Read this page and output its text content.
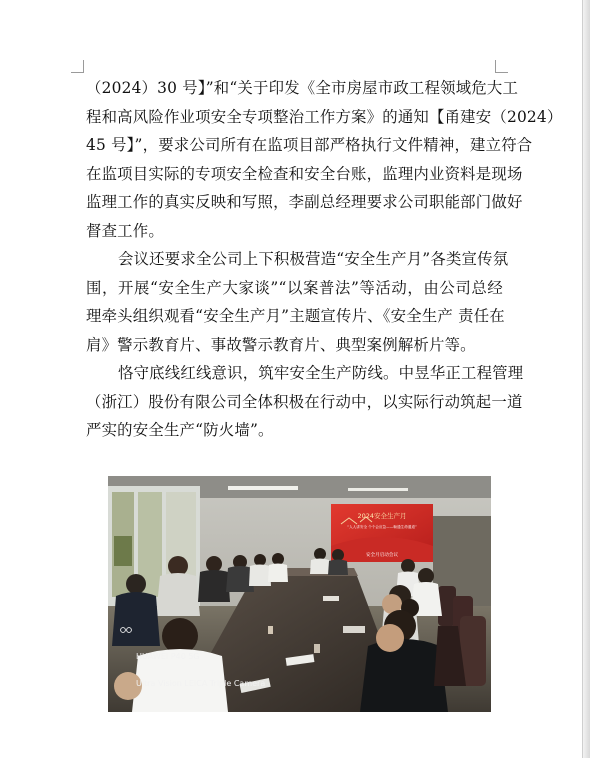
（2024）30 号】”和“关于印发《全市房屋市政工程领域危大工
程和高风险作业项安全专项整治工作方案》的通知【甬建安（2024）
45 号】”，要求公司所有在监项目部严格执行文件精神，建立符合
在监项目实际的专项安全检查和安全台账，监理内业资料是现场
监理工作的真实反映和写照，李副总经理要求公司职能部门做好
督查工作。
会议还要求全公司上下积极营造“安全生产月”各类宣传氛
围，开展“安全生产大家谈”“以案普法”等活动，由公司总经
理牵头组织观看“安全生产月”主题宣传片、《安全生产 责任在
肩》警示教育片、事故警示教育片、典型案例解析片等。
恪守底线红线意识，筑牢安全生产防线。中昱华正工程管理
（浙江）股份有限公司全体积极在行动中，以实际行动筑起一道
严实的安全生产“防火墙”。
2024安全生产月
“人人讲安全 个个会应急——畅通生命通道”
安全月启动会议

HUAWEI P40 5G

Ultra Vision LEICA Triple Camera
